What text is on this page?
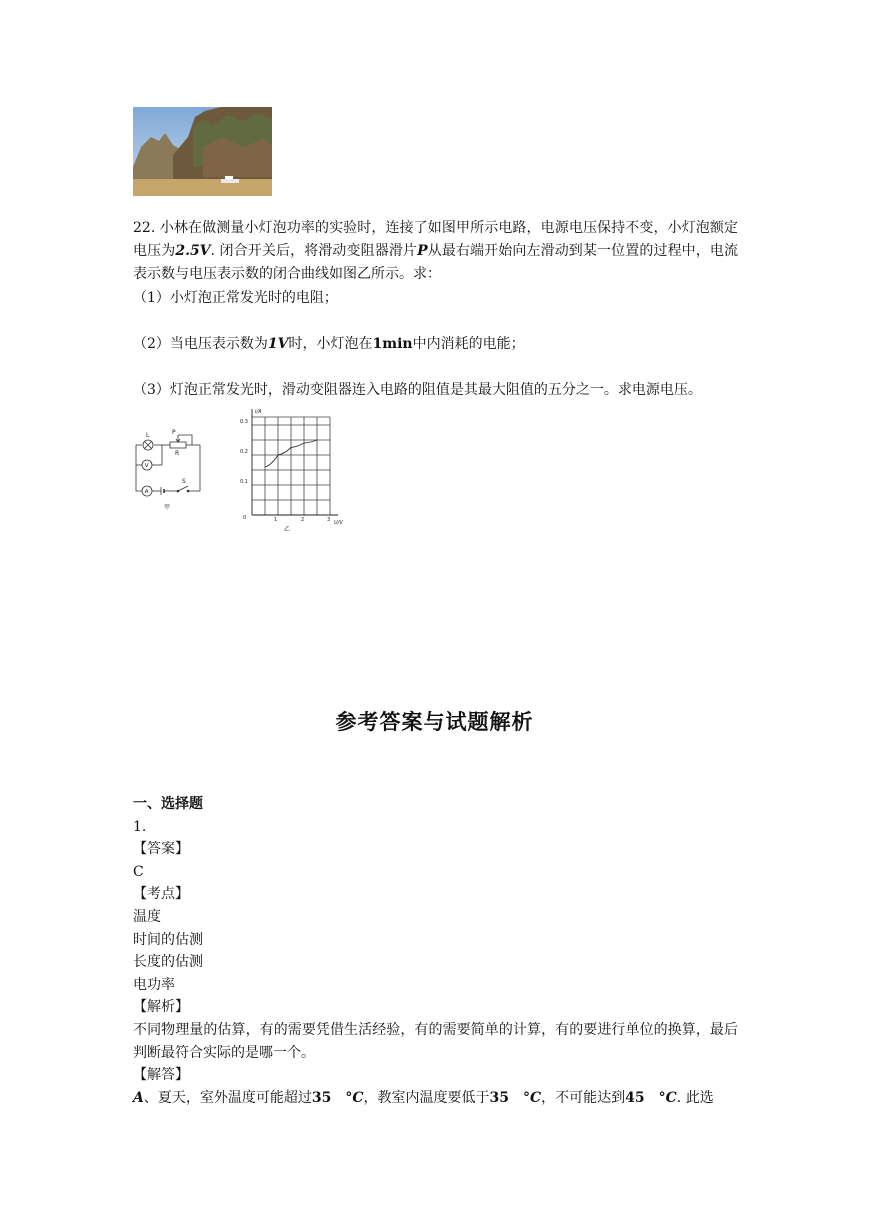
22. 小林在做测量小灯泡功率的实验时，连接了如图甲所示电路，电源电压保持不变，小灯泡额定电压为2.5V. 闭合开关后，将滑动变阻器滑片P从最右端开始向左滑动到某一位置的过程中，电流表示数与电压表示数的闭合曲线如图乙所示。求：
（1）小灯泡正常发光时的电阻；
（2）当电压表示数为1V时，小灯泡在1min中内消耗的电能；
（3）灯泡正常发光时，滑动变阻器连入电路的阻值是其最大阻值的五分之一。求电源电压。
L
V
A
P
R
S
甲
I/A
U/V
0
0.3
0.2
0.1
1	2	3
乙
参考答案与试题解析
一、选择题
1.
【答案】
C
【考点】
温度
时间的估测
长度的估测
电功率
【解析】
不同物理量的估算，有的需要凭借生活经验，有的需要简单的计算，有的要进行单位的换算，最后判断最符合实际的是哪一个。
【解答】
A、夏天，室外温度可能超过35 °C，教室内温度要低于35 °C，不可能达到45 °C. 此选
